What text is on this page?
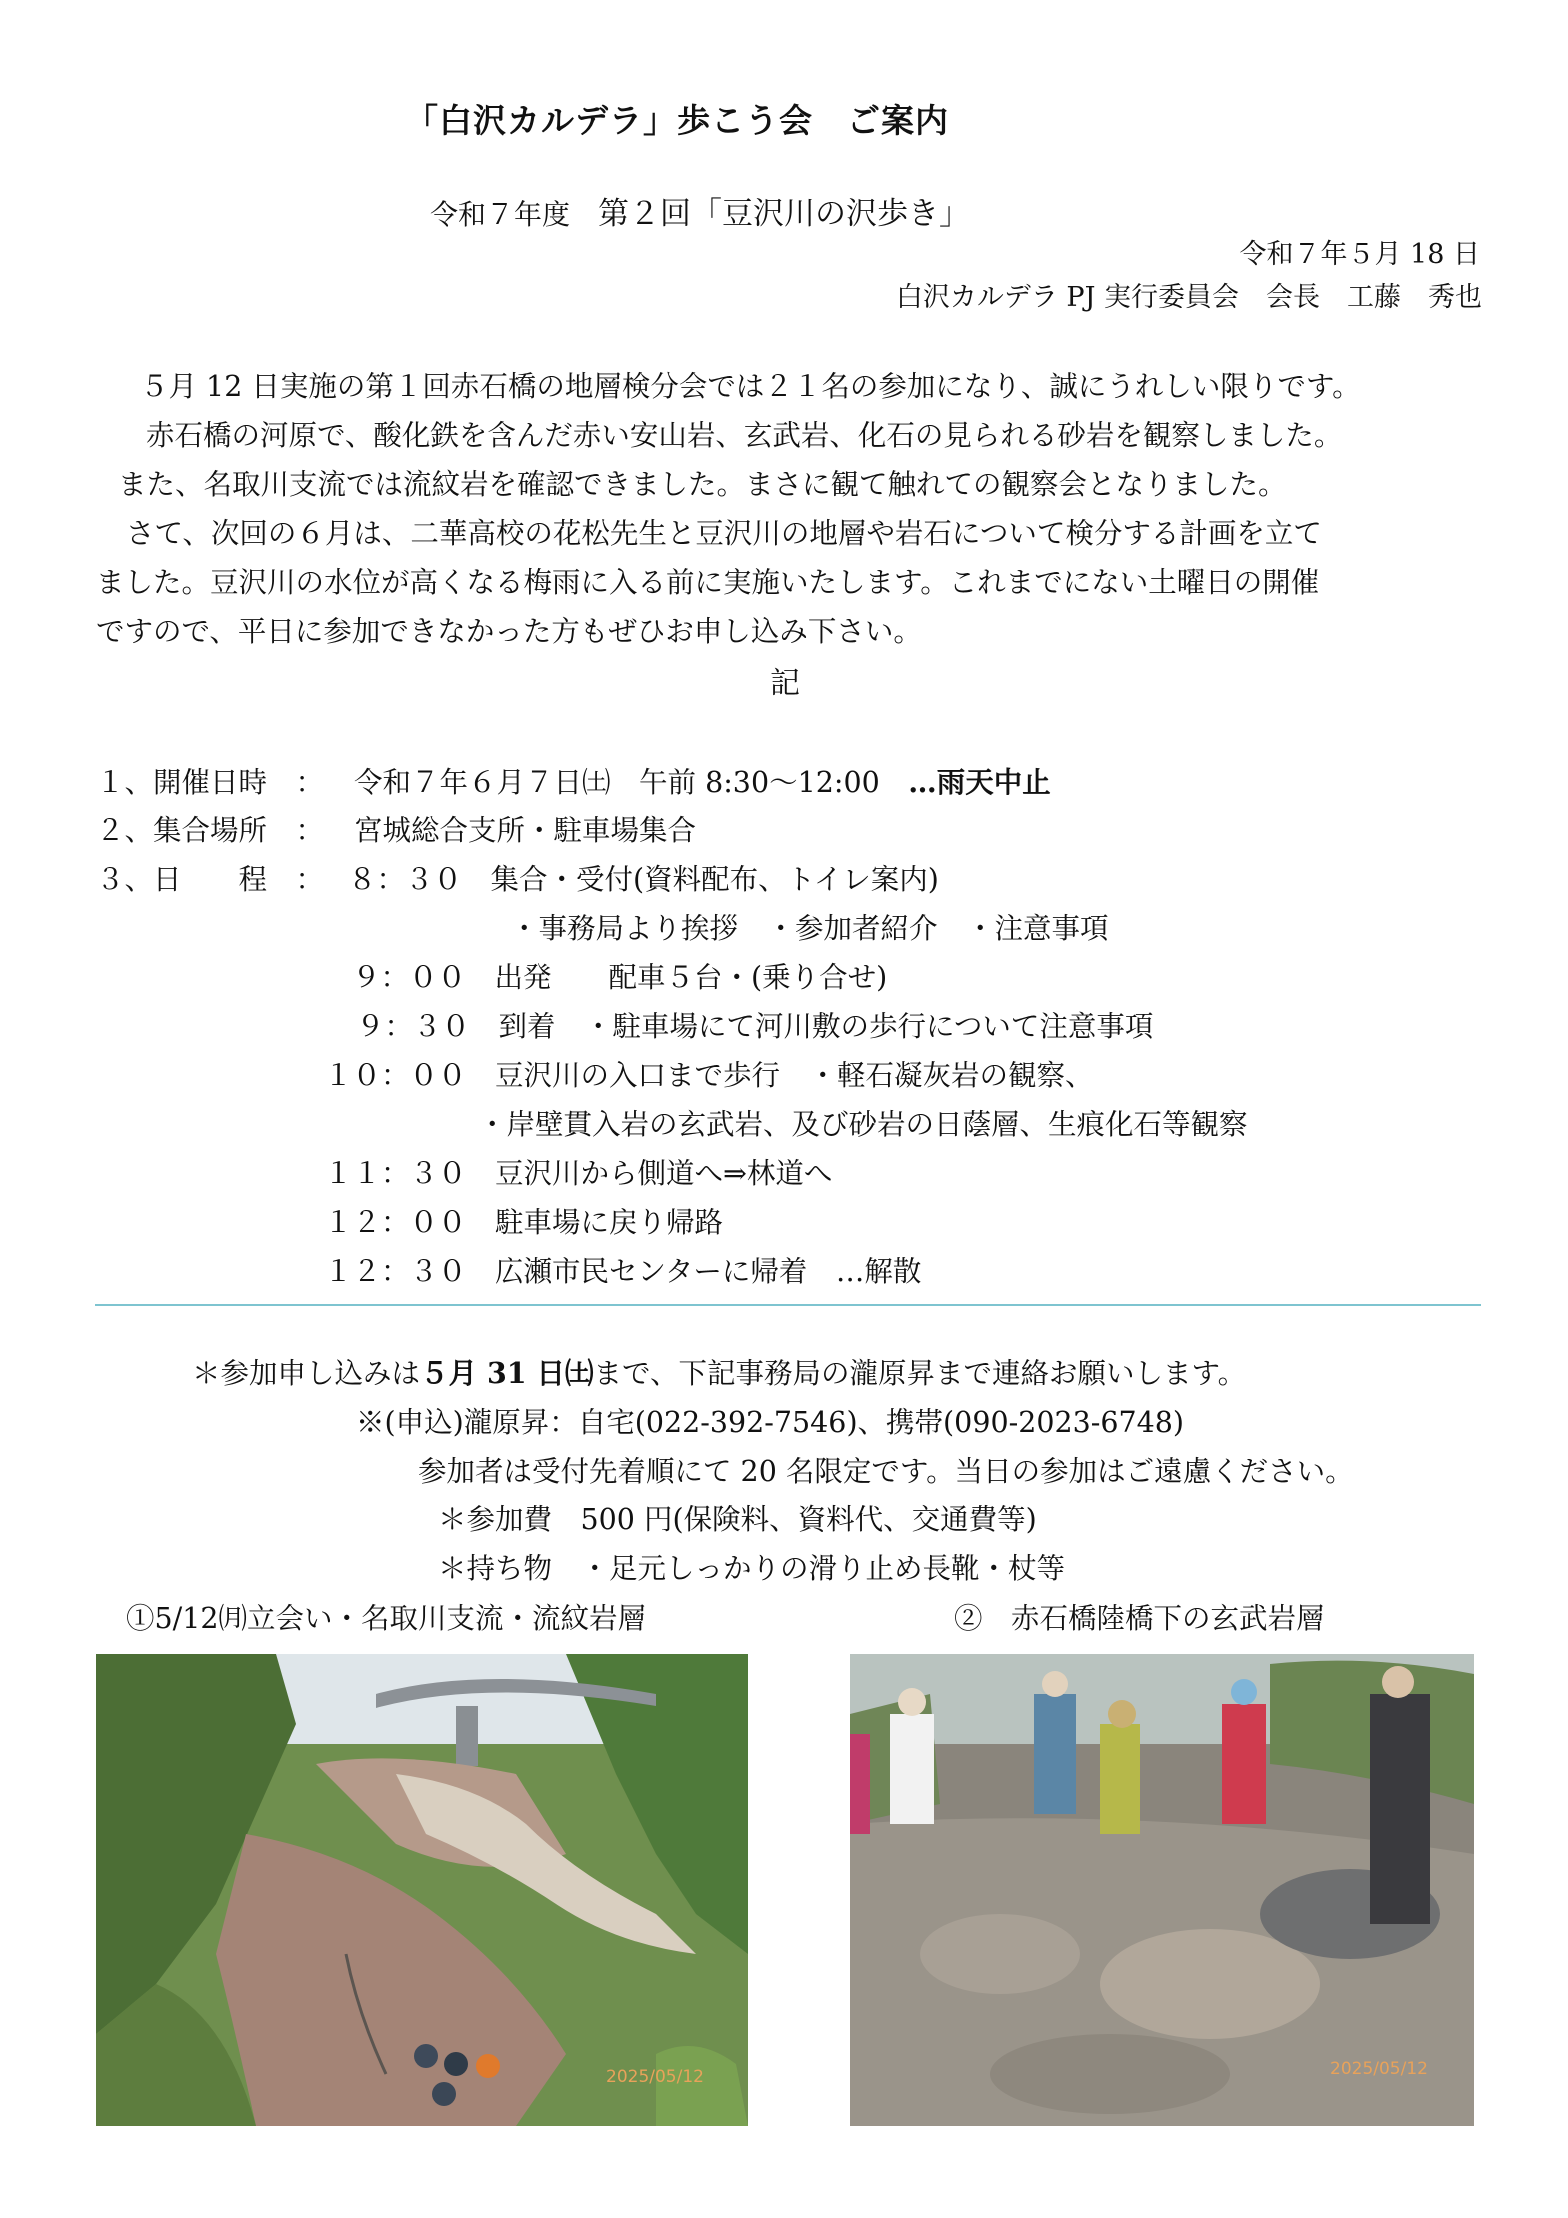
「白沢カルデラ」歩こう会　ご案内
令和７年度　第２回「豆沢川の沢歩き」
令和７年５月 18 日
白沢カルデラ PJ 実行委員会　会長　工藤　秀也
５月 12 日実施の第１回赤石橋の地層検分会では２１名の参加になり、誠にうれしい限りです。
赤石橋の河原で、酸化鉄を含んだ赤い安山岩、玄武岩、化石の見られる砂岩を観察しました。
また、名取川支流では流紋岩を確認できました。まさに観て触れての観察会となりました。
さて、次回の６月は、二華高校の花松先生と豆沢川の地層や岩石について検分する計画を立て
ました。豆沢川の水位が高くなる梅雨に入る前に実施いたします。これまでにない土曜日の開催
ですので、平日に参加できなかった方もぜひお申し込み下さい。
記
１、開催日時　： 令和７年６月７日㈯　午前 8:30～12:00　…雨天中止
２、集合場所　： 宮城総合支所・駐車場集合
３、日　　程　： ８：３０　集合・受付(資料配布、トイレ案内)
・事務局より挨拶　・参加者紹介　・注意事項
９：００　出発　　配車５台・(乗り合せ)
９：３０　到着　・駐車場にて河川敷の歩行について注意事項
１０：００　豆沢川の入口まで歩行　・軽石凝灰岩の観察、
・岸壁貫入岩の玄武岩、及び砂岩の日蔭層、生痕化石等観察
１１：３０　豆沢川から側道へ⇒林道へ
１２：００　駐車場に戻り帰路
１２：３０　広瀬市民センターに帰着　…解散
＊参加申し込みは５月 31 日㈯まで、下記事務局の瀧原昇まで連絡お願いします。
※(申込)瀧原昇：自宅(022-392-7546)、携帯(090-2023-6748)
参加者は受付先着順にて 20 名限定です。当日の参加はご遠慮ください。
＊参加費　500 円(保険料、資料代、交通費等)
＊持ち物　・足元しっかりの滑り止め長靴・杖等
①5/12㈪立会い・名取川支流・流紋岩層	②　赤石橋陸橋下の玄武岩層
2025/05/12	2025/05/12
